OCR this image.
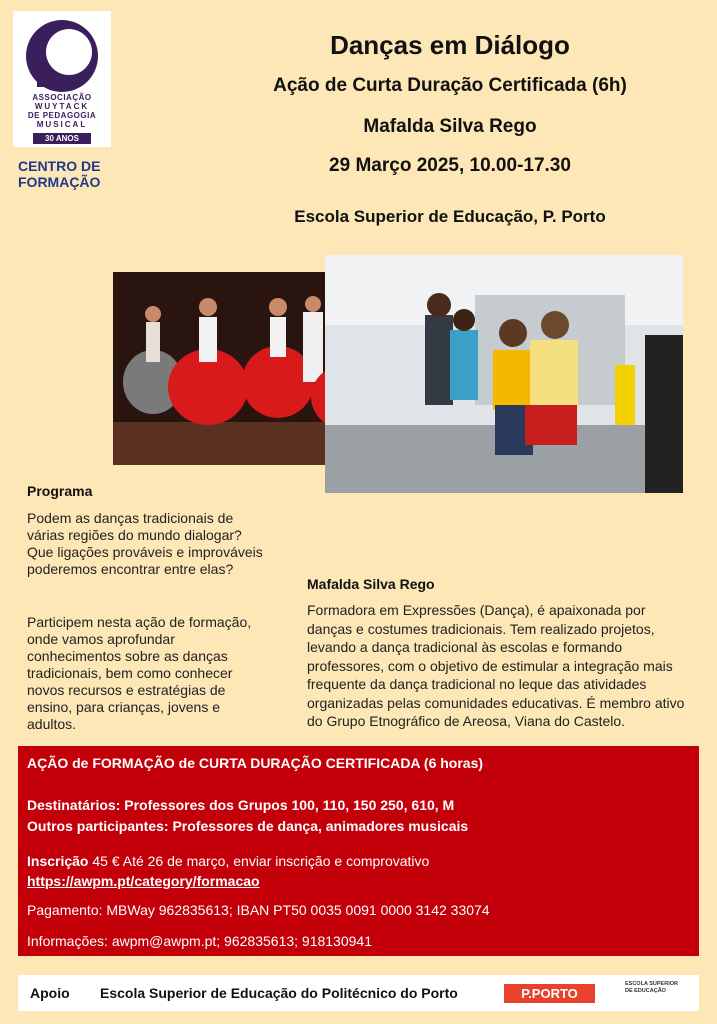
ASSOCIAÇÃO
WUYTACK
DE PEDAGOGIA
MUSICAL
30 ANOS
CENTRO DE FORMAÇÃO
Danças em Diálogo
Ação de Curta Duração Certificada (6h)
Mafalda Silva Rego
29 Março 2025, 10.00-17.30
Escola Superior de Educação, P. Porto
Programa

Podem as danças tradicionais de várias regiões do mundo dialogar? Que ligações prováveis e improváveis poderemos encontrar entre elas?

Participem nesta ação de formação, onde vamos aprofundar conhecimentos sobre as danças tradicionais, bem como conhecer novos recursos e estratégias de ensino, para crianças, jovens e adultos.

Mafalda Silva Rego

Formadora em Expressões (Dança), é apaixonada por danças e costumes tradicionais. Tem realizado projetos, levando a dança tradicional às escolas e formando professores, com o objetivo de estimular a integração mais frequente da dança tradicional no leque das atividades organizadas pelas comunidades educativas. É membro ativo do Grupo Etnográfico de Areosa, Viana do Castelo.

AÇÃO de FORMAÇÃO de CURTA DURAÇÃO CERTIFICADA (6 horas)
Destinatários: Professores dos Grupos 100, 110, 150 250, 610, M
Outros participantes: Professores de dança, animadores musicais
Inscrição 45 € Até 26 de março, enviar inscrição e comprovativo
https://awpm.pt/category/formacao
Pagamento: MBWay 962835613; IBAN PT50 0035 0091 0000 3142 33074
Informações: awpm@awpm.pt; 962835613; 918130941
Apoio Escola Superior de Educação do Politécnico do Porto	P.PORTO
ESCOLA SUPERIOR DE EDUCAÇÃO
